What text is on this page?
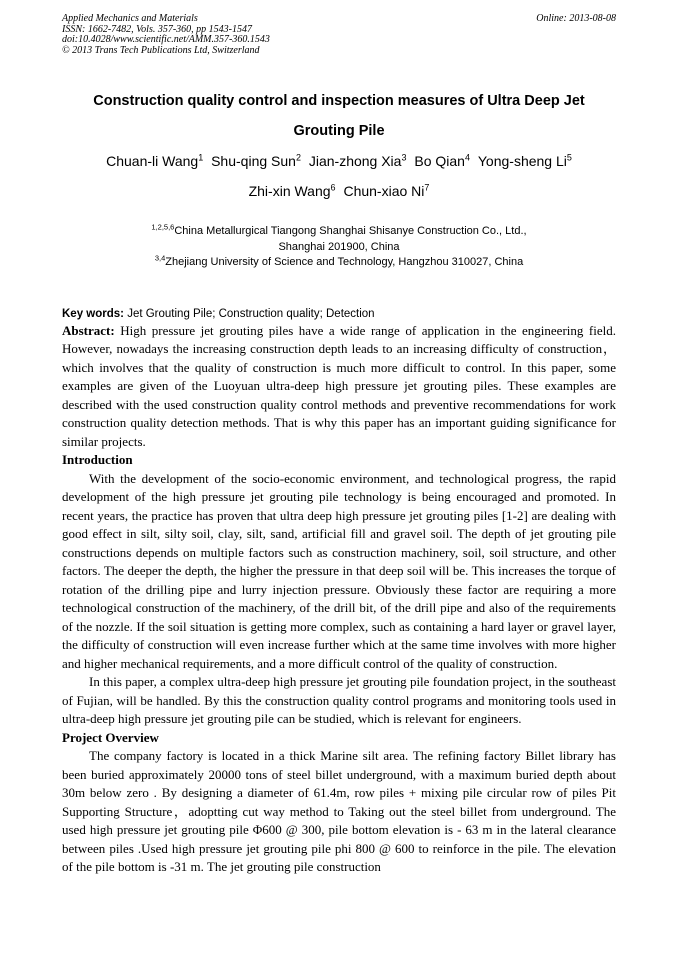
Applied Mechanics and Materials
ISSN: 1662-7482, Vols. 357-360, pp 1543-1547
doi:10.4028/www.scientific.net/AMM.357-360.1543
© 2013 Trans Tech Publications Ltd, Switzerland
Online: 2013-08-08
Construction quality control and inspection measures of Ultra Deep Jet
Grouting Pile
Chuan-li Wang$^1$ Shu-qing Sun$^2$ Jian-zhong Xia$^3$ Bo Qian$^4$ Yong-sheng Li$^5$
Zhi-xin Wang$^6$ Chun-xiao Ni$^7$
$^{1,2,5,6}$China Metallurgical Tiangong Shanghai Shisanye Construction Co., Ltd.,
Shanghai 201900, China
$^{3,4}$Zhejiang University of Science and Technology, Hangzhou 310027, China
Key words: Jet Grouting Pile; Construction quality; Detection

Abstract: High pressure jet grouting piles have a wide range of application in the engineering field. However, nowadays the increasing construction depth leads to an increasing difficulty of construction，which involves that the quality of construction is much more difficult to control. In this paper, some examples are given of the Luoyuan ultra-deep high pressure jet grouting piles. These examples are described with the used construction quality control methods and preventive recommendations for work construction quality detection methods. That is why this paper has an important guiding significance for similar projects.

Introduction

With the development of the socio-economic environment, and technological progress, the rapid development of the high pressure jet grouting pile technology is being encouraged and promoted. In recent years, the practice has proven that ultra deep high pressure jet grouting piles [1-2] are dealing with good effect in silt, silty soil, clay, silt, sand, artificial fill and gravel soil. The depth of jet grouting pile constructions depends on multiple factors such as construction machinery, soil, soil structure, and other factors. The deeper the depth, the higher the pressure in that deep soil will be. This increases the torque of rotation of the drilling pipe and lurry injection pressure. Obviously these factor are requiring a more technological construction of the machinery, of the drill bit, of the drill pipe and also of the requirements of the nozzle. If the soil situation is getting more complex, such as containing a hard layer or gravel layer, the difficulty of construction will even increase further which at the same time involves with more higher and higher mechanical requirements, and a more difficult control of the quality of construction.

In this paper, a complex ultra-deep high pressure jet grouting pile foundation project, in the southeast of Fujian, will be handled. By this the construction quality control programs and monitoring tools used in ultra-deep high pressure jet grouting pile can be studied, which is relevant for engineers.

Project Overview

The company factory is located in a thick Marine silt area. The refining factory Billet library has been buried approximately 20000 tons of steel billet underground, with a maximum buried depth about 30m below zero . By designing a diameter of 61.4m, row piles + mixing pile circular row of piles Pit Supporting Structure，adoptting cut way method to Taking out the steel billet from underground. The used high pressure jet grouting pile Φ600 @ 300, pile bottom elevation is - 63 m in the lateral clearance between piles .Used high pressure jet grouting pile phi 800 @ 600 to reinforce in the pile. The elevation of the pile bottom is -31 m. The jet grouting pile construction
